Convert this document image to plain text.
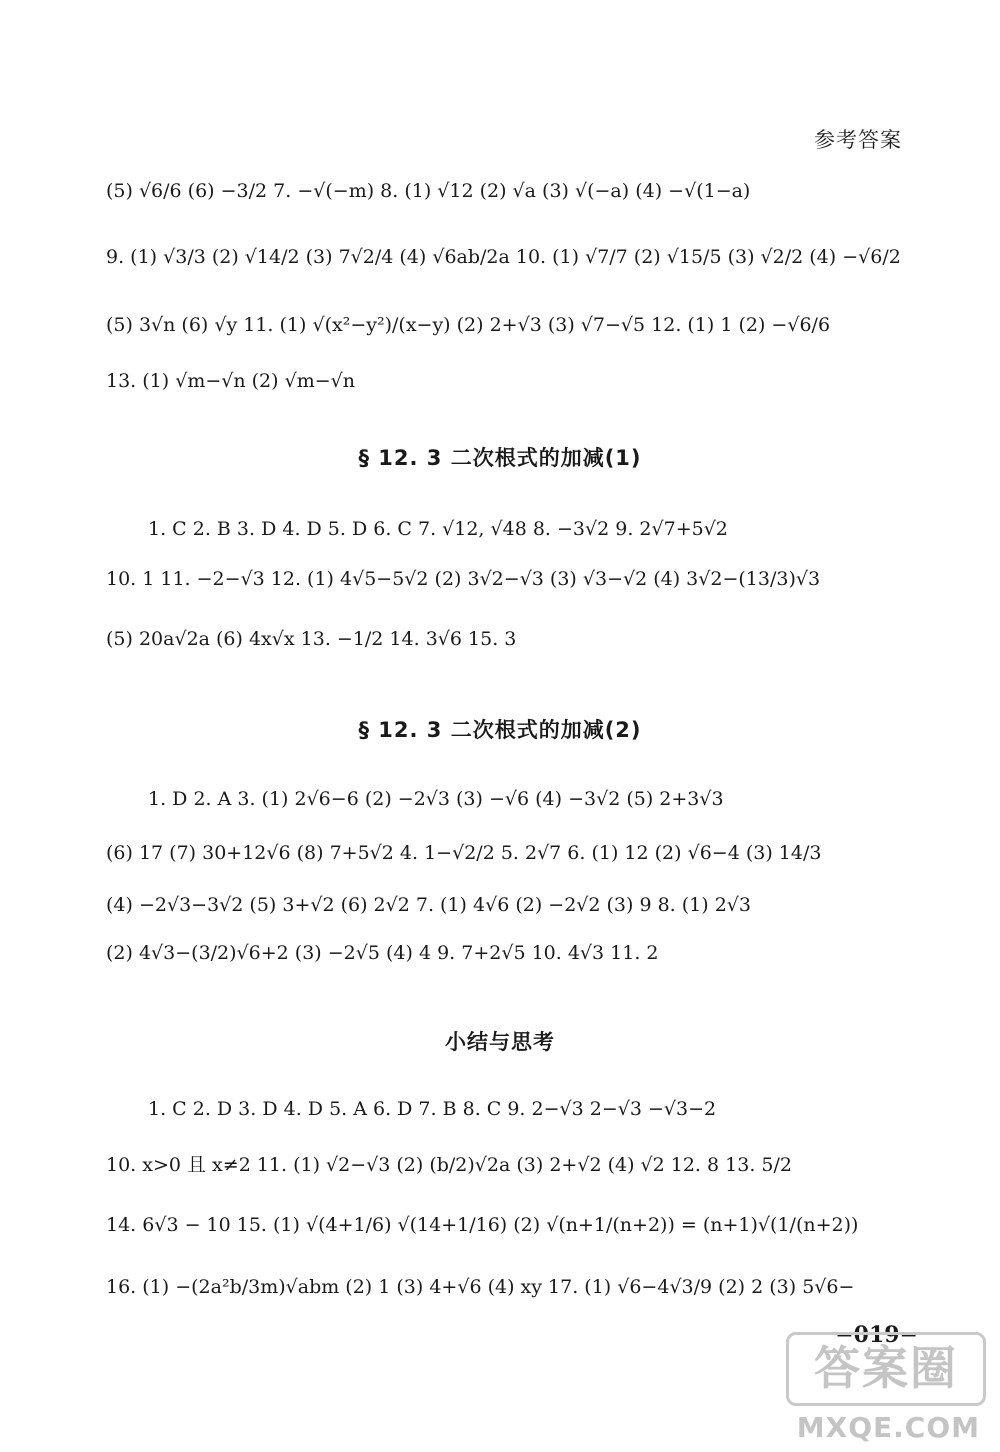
参考答案
(5) √6/6 (6) −3/2 7. −√(−m) 8. (1) √12 (2) √a (3) √(−a) (4) −√(1−a)
9. (1) √3/3 (2) √14/2 (3) 7√2/4 (4) √6ab/2a 10. (1) √7/7 (2) √15/5 (3) √2/2 (4) −√6/2
(5) 3√n (6) √y 11. (1) √(x²−y²)/(x−y) (2) 2+√3 (3) √7−√5 12. (1) 1 (2) −√6/6
13. (1) √m−√n (2) √m−√n
§ 12. 3 二次根式的加减(1)
1. C 2. B 3. D 4. D 5. D 6. C 7. √12, √48 8. −3√2 9. 2√7+5√2
10. 1 11. −2−√3 12. (1) 4√5−5√2 (2) 3√2−√3 (3) √3−√2 (4) 3√2−(13/3)√3
(5) 20a√2a (6) 4x√x 13. −1/2 14. 3√6 15. 3
§ 12. 3 二次根式的加减(2)
1. D 2. A 3. (1) 2√6−6 (2) −2√3 (3) −√6 (4) −3√2 (5) 2+3√3
(6) 17 (7) 30+12√6 (8) 7+5√2 4. 1−√2/2 5. 2√7 6. (1) 12 (2) √6−4 (3) 14/3
(4) −2√3−3√2 (5) 3+√2 (6) 2√2 7. (1) 4√6 (2) −2√2 (3) 9 8. (1) 2√3
(2) 4√3−(3/2)√6+2 (3) −2√5 (4) 4 9. 7+2√5 10. 4√3 11. 2
小结与思考
1. C 2. D 3. D 4. D 5. A 6. D 7. B 8. C 9. 2−√3 2−√3 −√3−2
10. x>0 且 x≠2 11. (1) √2−√3 (2) (b/2)√2a (3) 2+√2 (4) √2 12. 8 13. 5/2
14. 6√3 − 10 15. (1) √(4+1/6) √(14+1/16) (2) √(n+1/(n+2)) = (n+1)√(1/(n+2))
16. (1) −(2a²b/3m)√abm (2) 1 (3) 4+√6 (4) xy 17. (1) √6−4√3/9 (2) 2 (3) 5√6−
−019−
答案圈
MXQE.COM
